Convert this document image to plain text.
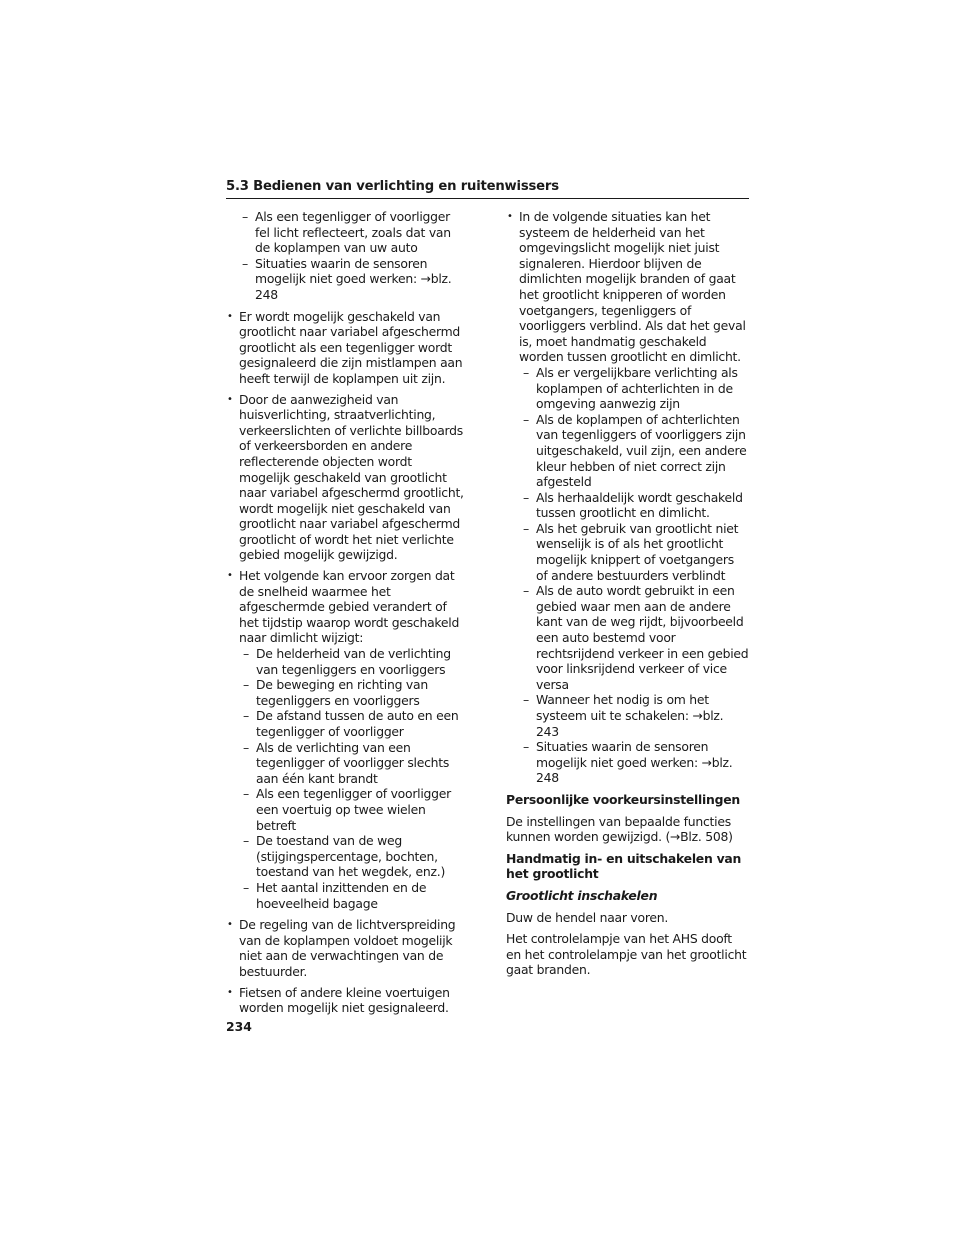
5.3 Bedienen van verlichting en ruitenwissers
– Als een tegenligger of voorligger fel licht reflecteert, zoals dat van de koplampen van uw auto
– Situaties waarin de sensoren mogelijk niet goed werken: →blz. 248
• Er wordt mogelijk geschakeld van grootlicht naar variabel afgeschermd grootlicht als een tegenligger wordt gesignaleerd die zijn mistlampen aan heeft terwijl de koplampen uit zijn.
• Door de aanwezigheid van huisverlichting, straatverlichting, verkeerslichten of verlichte billboards of verkeersborden en andere reflecterende objecten wordt mogelijk geschakeld van grootlicht naar variabel afgeschermd grootlicht, wordt mogelijk niet geschakeld van grootlicht naar variabel afgeschermd grootlicht of wordt het niet verlichte gebied mogelijk gewijzigd.
• Het volgende kan ervoor zorgen dat de snelheid waarmee het afgeschermde gebied verandert of het tijdstip waarop wordt geschakeld naar dimlicht wijzigt:
– De helderheid van de verlichting van tegenliggers en voorliggers
– De beweging en richting van tegenliggers en voorliggers
– De afstand tussen de auto en een tegenligger of voorligger
– Als de verlichting van een tegenligger of voorligger slechts aan één kant brandt
– Als een tegenligger of voorligger een voertuig op twee wielen betreft
– De toestand van de weg (stijgingspercentage, bochten, toestand van het wegdek, enz.)
– Het aantal inzittenden en de hoeveelheid bagage
• De regeling van de lichtverspreiding van de koplampen voldoet mogelijk niet aan de verwachtingen van de bestuurder.
• Fietsen of andere kleine voertuigen worden mogelijk niet gesignaleerd.
• In de volgende situaties kan het systeem de helderheid van het omgevingslicht mogelijk niet juist signaleren. Hierdoor blijven de dimlichten mogelijk branden of gaat het grootlicht knipperen of worden voetgangers, tegenliggers of voorliggers verblind. Als dat het geval is, moet handmatig geschakeld worden tussen grootlicht en dimlicht.
– Als er vergelijkbare verlichting als koplampen of achterlichten in de omgeving aanwezig zijn
– Als de koplampen of achterlichten van tegenliggers of voorliggers zijn uitgeschakeld, vuil zijn, een andere kleur hebben of niet correct zijn afgesteld
– Als herhaaldelijk wordt geschakeld tussen grootlicht en dimlicht.
– Als het gebruik van grootlicht niet wenselijk is of als het grootlicht mogelijk knippert of voetgangers of andere bestuurders verblindt
– Als de auto wordt gebruikt in een gebied waar men aan de andere kant van de weg rijdt, bijvoorbeeld een auto bestemd voor rechtsrijdend verkeer in een gebied voor linksrijdend verkeer of vice versa
– Wanneer het nodig is om het systeem uit te schakelen: →blz. 243
– Situaties waarin de sensoren mogelijk niet goed werken: →blz. 248
Persoonlijke voorkeursinstellingen
De instellingen van bepaalde functies kunnen worden gewijzigd. (→Blz. 508)
Handmatig in- en uitschakelen van het grootlicht
Grootlicht inschakelen
Duw de hendel naar voren.
Het controlelampje van het AHS dooft en het controlelampje van het grootlicht gaat branden.
234
